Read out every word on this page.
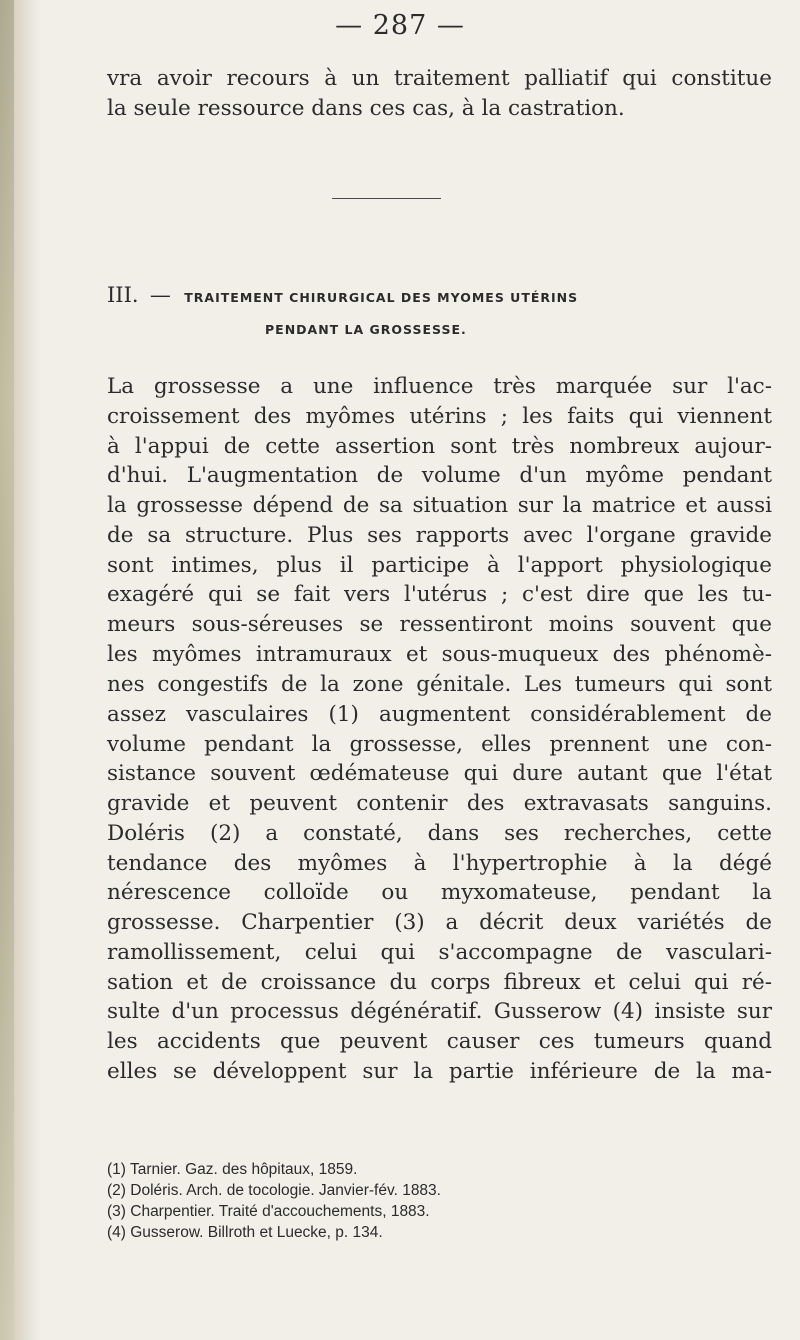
— 287 —
vra avoir recours à un traitement palliatif qui constitue
la seule ressource dans ces cas, à la castration.
III. — TRAITEMENT CHIRURGICAL DES MYOMES UTÉRINS
PENDANT LA GROSSESSE.
La grossesse a une influence très marquée sur l'ac-
croissement des myômes utérins ; les faits qui viennent
à l'appui de cette assertion sont très nombreux aujour-
d'hui. L'augmentation de volume d'un myôme pendant
la grossesse dépend de sa situation sur la matrice et aussi
de sa structure. Plus ses rapports avec l'organe gravide
sont intimes, plus il participe à l'apport physiologique
exagéré qui se fait vers l'utérus ; c'est dire que les tu-
meurs sous-séreuses se ressentiront moins souvent que
les myômes intramuraux et sous-muqueux des phénomè-
nes congestifs de la zone génitale. Les tumeurs qui sont
assez vasculaires (1) augmentent considérablement de
volume pendant la grossesse, elles prennent une con-
sistance souvent œdémateuse qui dure autant que l'état
gravide et peuvent contenir des extravasats sanguins.
Doléris (2) a constaté, dans ses recherches, cette
tendance des myômes à l'hypertrophie à la dégé
nérescence colloïde ou myxomateuse, pendant la
grossesse. Charpentier (3) a décrit deux variétés de
ramollissement, celui qui s'accompagne de vasculari-
sation et de croissance du corps fibreux et celui qui ré-
sulte d'un processus dégénératif. Gusserow (4) insiste sur
les accidents que peuvent causer ces tumeurs quand
elles se développent sur la partie inférieure de la ma-
(1) Tarnier. Gaz. des hôpitaux, 1859.
(2) Doléris. Arch. de tocologie. Janvier-fév. 1883.
(3) Charpentier. Traité d'accouchements, 1883.
(4) Gusserow. Billroth et Luecke, p. 134.
